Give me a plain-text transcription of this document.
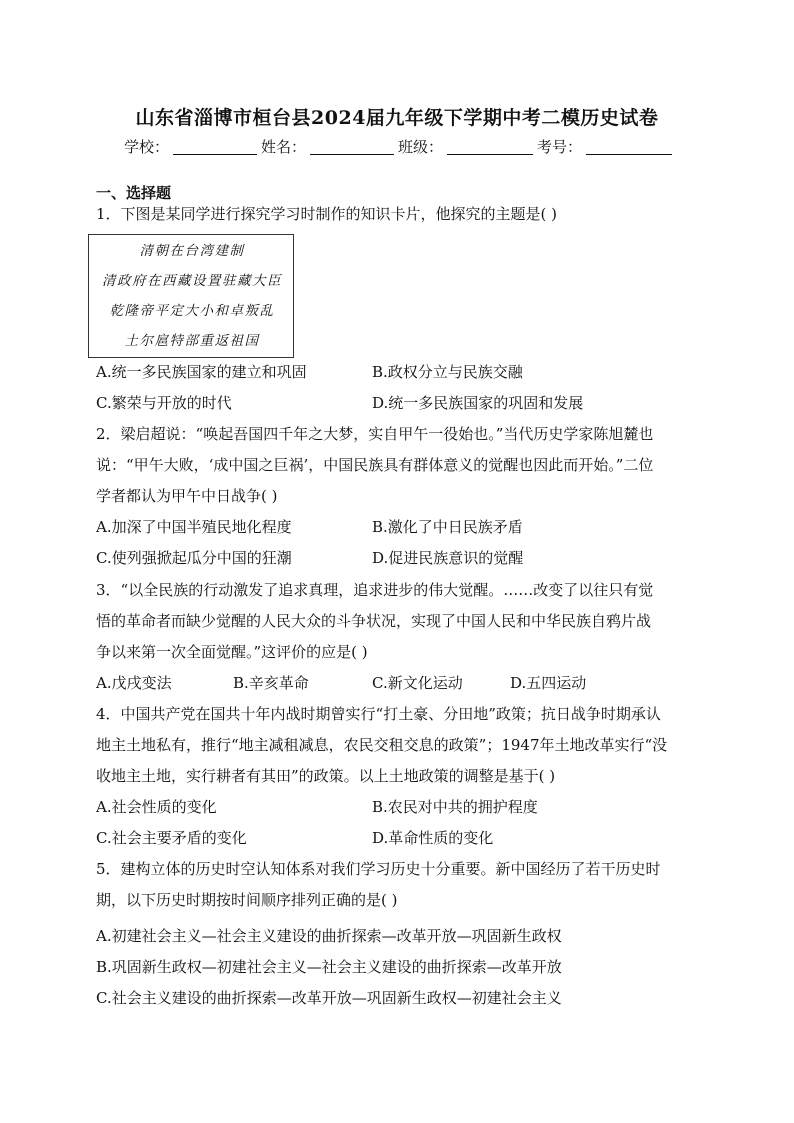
山东省淄博市桓台县2024届九年级下学期中考二模历史试卷
学校：	姓名：	班级：	考号：
一、选择题
1．下图是某同学进行探究学习时制作的知识卡片，他探究的主题是( )
清朝在台湾建制
清政府在西藏设置驻藏大臣
乾隆帝平定大小和卓叛乱
土尔扈特部重返祖国
A.统一多民族国家的建立和巩固	B.政权分立与民族交融
C.繁荣与开放的时代	D.统一多民族国家的巩固和发展
2．梁启超说：“唤起吾国四千年之大梦，实自甲午一役始也。”当代历史学家陈旭麓也
说：“甲午大败，‘成中国之巨祸’，中国民族具有群体意义的觉醒也因此而开始。”二位
学者都认为甲午中日战争( )
A.加深了中国半殖民地化程度	B.激化了中日民族矛盾
C.使列强掀起瓜分中国的狂潮	D.促进民族意识的觉醒
3．“以全民族的行动激发了追求真理，追求进步的伟大觉醒。……改变了以往只有觉
悟的革命者而缺少觉醒的人民大众的斗争状况，实现了中国人民和中华民族自鸦片战
争以来第一次全面觉醒。”这评价的应是( )
A.戊戌变法	B.辛亥革命	C.新文化运动	D.五四运动
4．中国共产党在国共十年内战时期曾实行“打土豪、分田地”政策；抗日战争时期承认
地主土地私有，推行“地主减租减息，农民交租交息的政策”；1947年土地改革实行“没
收地主土地，实行耕者有其田”的政策。以上土地政策的调整是基于( )
A.社会性质的变化	B.农民对中共的拥护程度
C.社会主要矛盾的变化	D.革命性质的变化
5．建构立体的历史时空认知体系对我们学习历史十分重要。新中国经历了若干历史时
期，以下历史时期按时间顺序排列正确的是( )
A.初建社会主义—社会主义建设的曲折探索—改革开放—巩固新生政权
B.巩固新生政权—初建社会主义—社会主义建设的曲折探索—改革开放
C.社会主义建设的曲折探索—改革开放—巩固新生政权—初建社会主义
